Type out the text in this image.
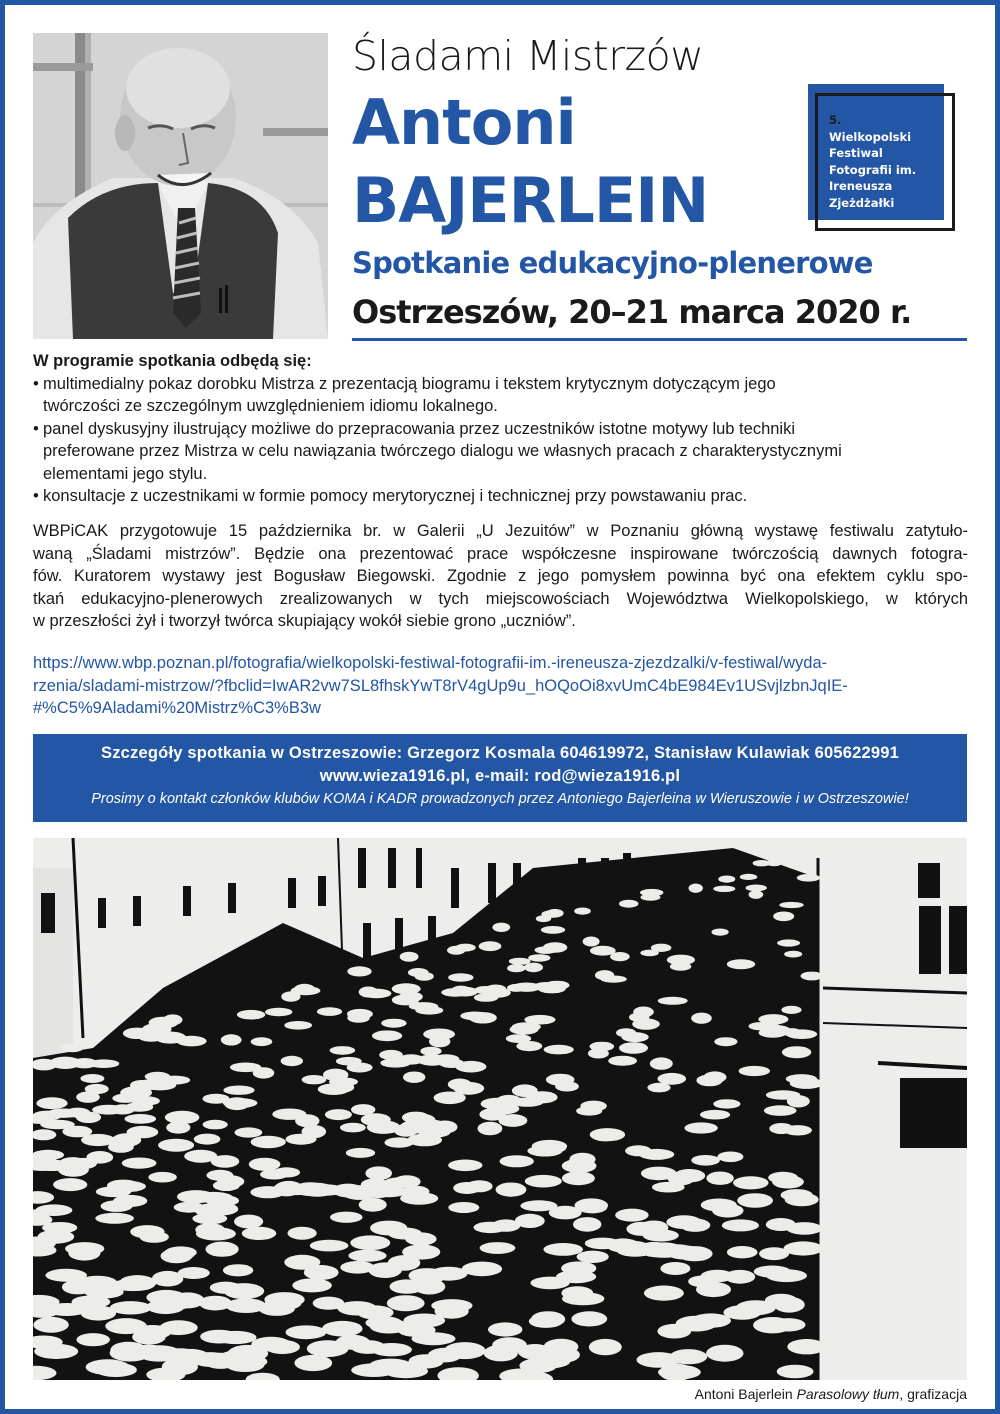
Śladami Mistrzów
Antoni
BAJERLEIN
Spotkanie edukacyjno-plenerowe
Ostrzeszów, 20–21 marca 2020 r.
5.
Wielkopolski
Festiwal
Fotografii im.
Ireneusza
Zjeżdżałki
W programie spotkania odbędą się:
• multimedialny pokaz dorobku Mistrza z prezentacją biogramu i tekstem krytycznym dotyczącym jego
twórczości ze szczególnym uwzględnieniem idiomu lokalnego.
• panel dyskusyjny ilustrujący możliwe do przepracowania przez uczestników istotne motywy lub techniki
preferowane przez Mistrza w celu nawiązania twórczego dialogu we własnych pracach z charakterystycznymi
elementami jego stylu.
• konsultacje z uczestnikami w formie pomocy merytorycznej i technicznej przy powstawaniu prac.
WBPiCAK przygotowuje 15 października br. w Galerii „U Jezuitów” w Poznaniu główną wystawę festiwalu zatytuło-
waną „Śladami mistrzów”. Będzie ona prezentować prace współczesne inspirowane twórczością dawnych fotogra-
fów. Kuratorem wystawy jest Bogusław Biegowski. Zgodnie z jego pomysłem powinna być ona efektem cyklu spo-
tkań edukacyjno-plenerowych zrealizowanych w tych miejscowościach Województwa Wielkopolskiego, w których
w przeszłości żył i tworzył twórca skupiający wokół siebie grono „uczniów”.
https://www.wbp.poznan.pl/fotografia/wielkopolski-festiwal-fotografii-im.-ireneusza-zjezdzalki/v-festiwal/wyda-
rzenia/sladami-mistrzow/?fbclid=IwAR2vw7SL8fhskYwT8rV4gUp9u_hOQoOi8xvUmC4bE984Ev1USvjlzbnJqIE-
#%C5%9Aladami%20Mistrz%C3%B3w
Szczegóły spotkania w Ostrzeszowie: Grzegorz Kosmala 604619972, Stanisław Kulawiak 605622991
www.wieza1916.pl, e-mail: rod@wieza1916.pl
Prosimy o kontakt członków klubów KOMA i KADR prowadzonych przez Antoniego Bajerleina w Wieruszowie i w Ostrzeszowie!
Antoni Bajerlein Parasolowy tłum, grafizacja
